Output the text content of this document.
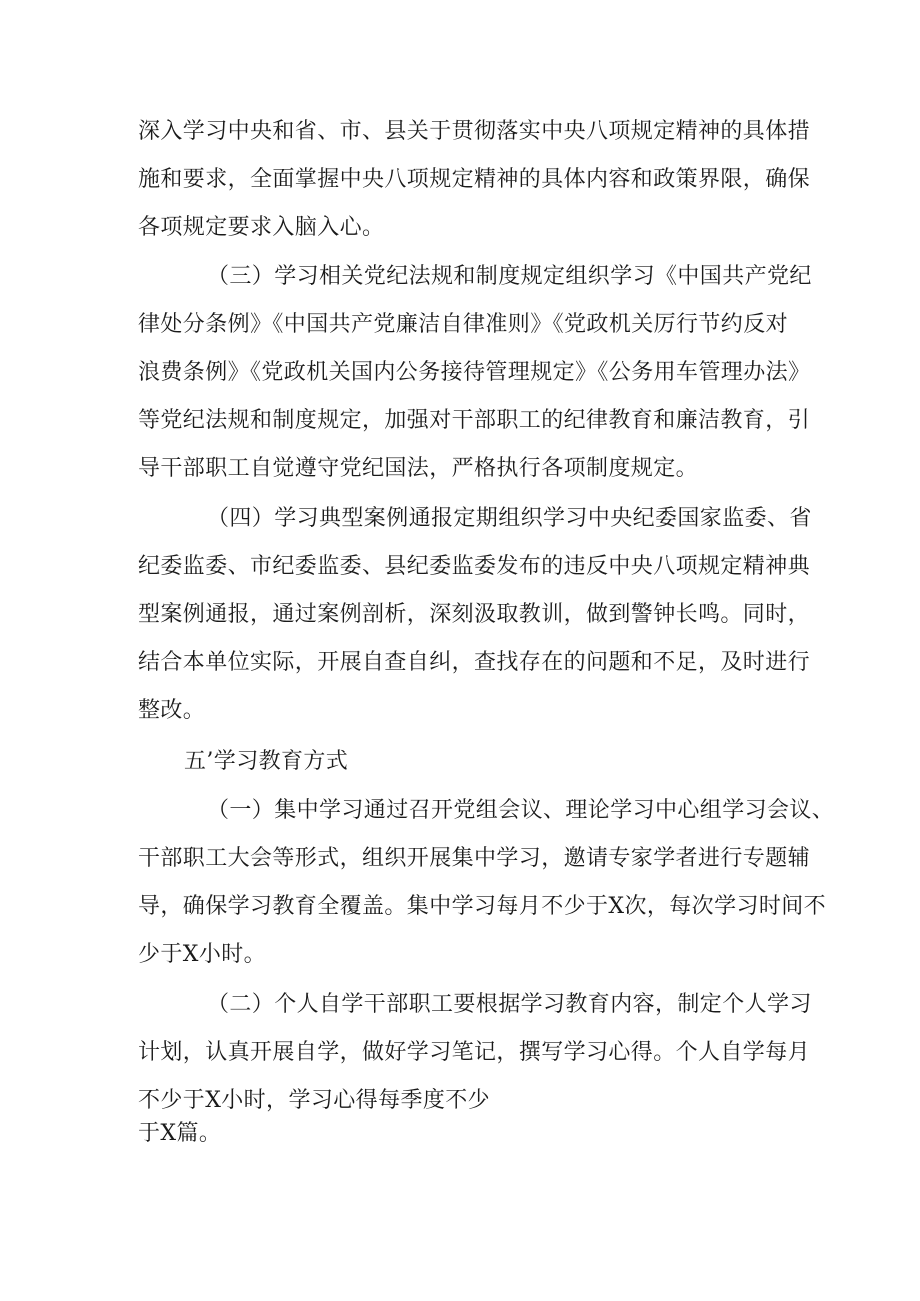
深入学习中央和省、市、县关于贯彻落实中央八项规定精神的具体措
施和要求，全面掌握中央八项规定精神的具体内容和政策界限，确保
各项规定要求入脑入心。
（三）学习相关党纪法规和制度规定组织学习《中国共产党纪
律处分条例》《中国共产党廉洁自律准则》《党政机关厉行节约反对
浪费条例》《党政机关国内公务接待管理规定》《公务用车管理办法》
等党纪法规和制度规定，加强对干部职工的纪律教育和廉洁教育，引
导干部职工自觉遵守党纪国法，严格执行各项制度规定。
（四）学习典型案例通报定期组织学习中央纪委国家监委、省
纪委监委、市纪委监委、县纪委监委发布的违反中央八项规定精神典
型案例通报，通过案例剖析，深刻汲取教训，做到警钟长鸣。同时，
结合本单位实际，开展自查自纠，查找存在的问题和不足，及时进行
整改。
五’学习教育方式
（一）集中学习通过召开党组会议、理论学习中心组学习会议、
干部职工大会等形式，组织开展集中学习，邀请专家学者进行专题辅
导，确保学习教育全覆盖。集中学习每月不少于X次，每次学习时间不
少于X小时。
（二）个人自学干部职工要根据学习教育内容，制定个人学习
计划，认真开展自学，做好学习笔记，撰写学习心得。个人自学每月
不少于X小时，学习心得每季度不少
于X篇。
